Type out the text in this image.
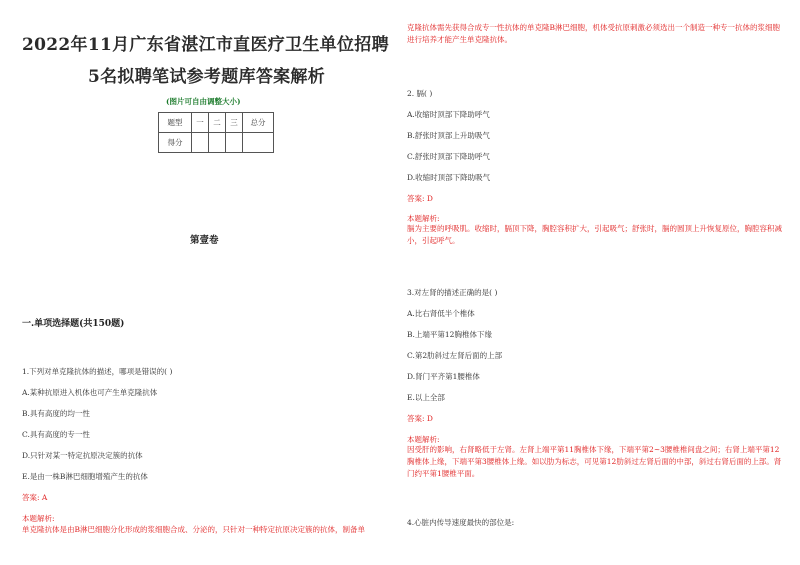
2022年11月广东省湛江市直医疗卫生单位招聘
5名拟聘笔试参考题库答案解析
(图片可自由调整大小)
题型	一	二	三	总分
得分				
第壹卷
一.单项选择题(共150题)
1.下列对单克隆抗体的描述，哪项是错误的( )
A.某种抗原进入机体也可产生单克隆抗体
B.具有高度的均一性
C.具有高度的专一性
D.只针对某一特定抗原决定簇的抗体
E.是由一株B淋巴细胞增殖产生的抗体
答案: A
本题解析:
单克隆抗体是由B淋巴细胞分化形成的浆细胞合成、分泌的，只针对一种特定抗原决定簇的抗体，制备单
克隆抗体需先获得合成专一性抗体的单克隆B淋巴细胞，机体受抗原刺激必须选出一个制造一种专一抗体的浆细胞进行培养才能产生单克隆抗体。
2. 膈( )
A.收缩时顶部下降助呼气
B.舒张时顶部上升助吸气
C.舒张时顶部下降助呼气
D.收缩时顶部下降助吸气
答案: D
本题解析:
膈为主要的呼吸肌。收缩时，膈顶下降，胸腔容积扩大，引起吸气；舒张时，膈的圆顶上升恢复原位，胸腔容积减小，引起呼气。
3.对左肾的描述正确的是( )
A.比右肾低半个椎体
B.上端平第12胸椎体下缘
C.第2肋斜过左肾后面的上部
D.肾门平齐第1腰椎体
E.以上全部
答案: D
本题解析:
因受肝的影响，右肾略低于左肾。左肾上端平第11胸椎体下缘，下端平第2~3腰椎椎间盘之间；右肾上端平第12胸椎体上缘，下端平第3腰椎体上缘。如以肋为标志，可见第12肋斜过左肾后面的中部，斜过右肾后面的上部。肾门约平第1腰椎平面。
4.心脏内传导速度最快的部位是:
